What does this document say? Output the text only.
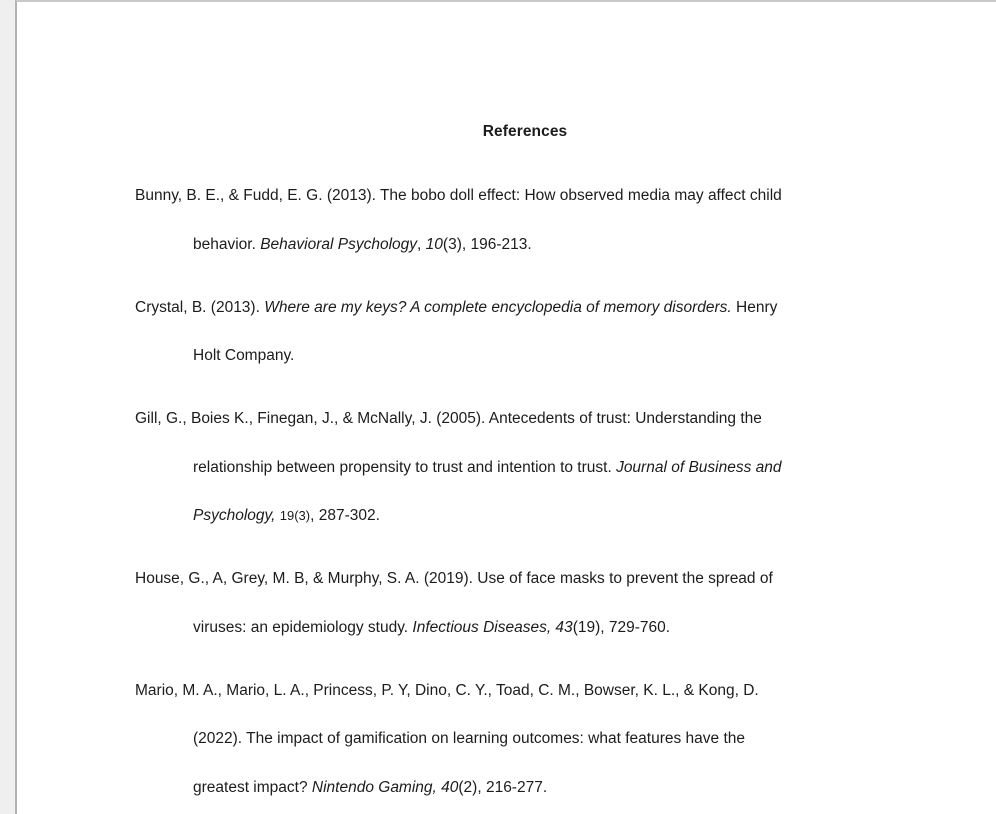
References

Bunny, B. E., & Fudd, E. G. (2013). The bobo doll effect: How observed media may affect child
behavior. Behavioral Psychology, 10(3), 196-213.

Crystal, B. (2013). Where are my keys? A complete encyclopedia of memory disorders. Henry
Holt Company.

Gill, G., Boies K., Finegan, J., & McNally, J. (2005). Antecedents of trust: Understanding the
relationship between propensity to trust and intention to trust. Journal of Business and
Psychology, 19(3), 287-302.

House, G., A, Grey, M. B, & Murphy, S. A. (2019). Use of face masks to prevent the spread of
viruses: an epidemiology study. Infectious Diseases, 43(19), 729-760.

Mario, M. A., Mario, L. A., Princess, P. Y, Dino, C. Y., Toad, C. M., Bowser, K. L., & Kong, D.
(2022). The impact of gamification on learning outcomes: what features have the
greatest impact? Nintendo Gaming, 40(2), 216-277.
